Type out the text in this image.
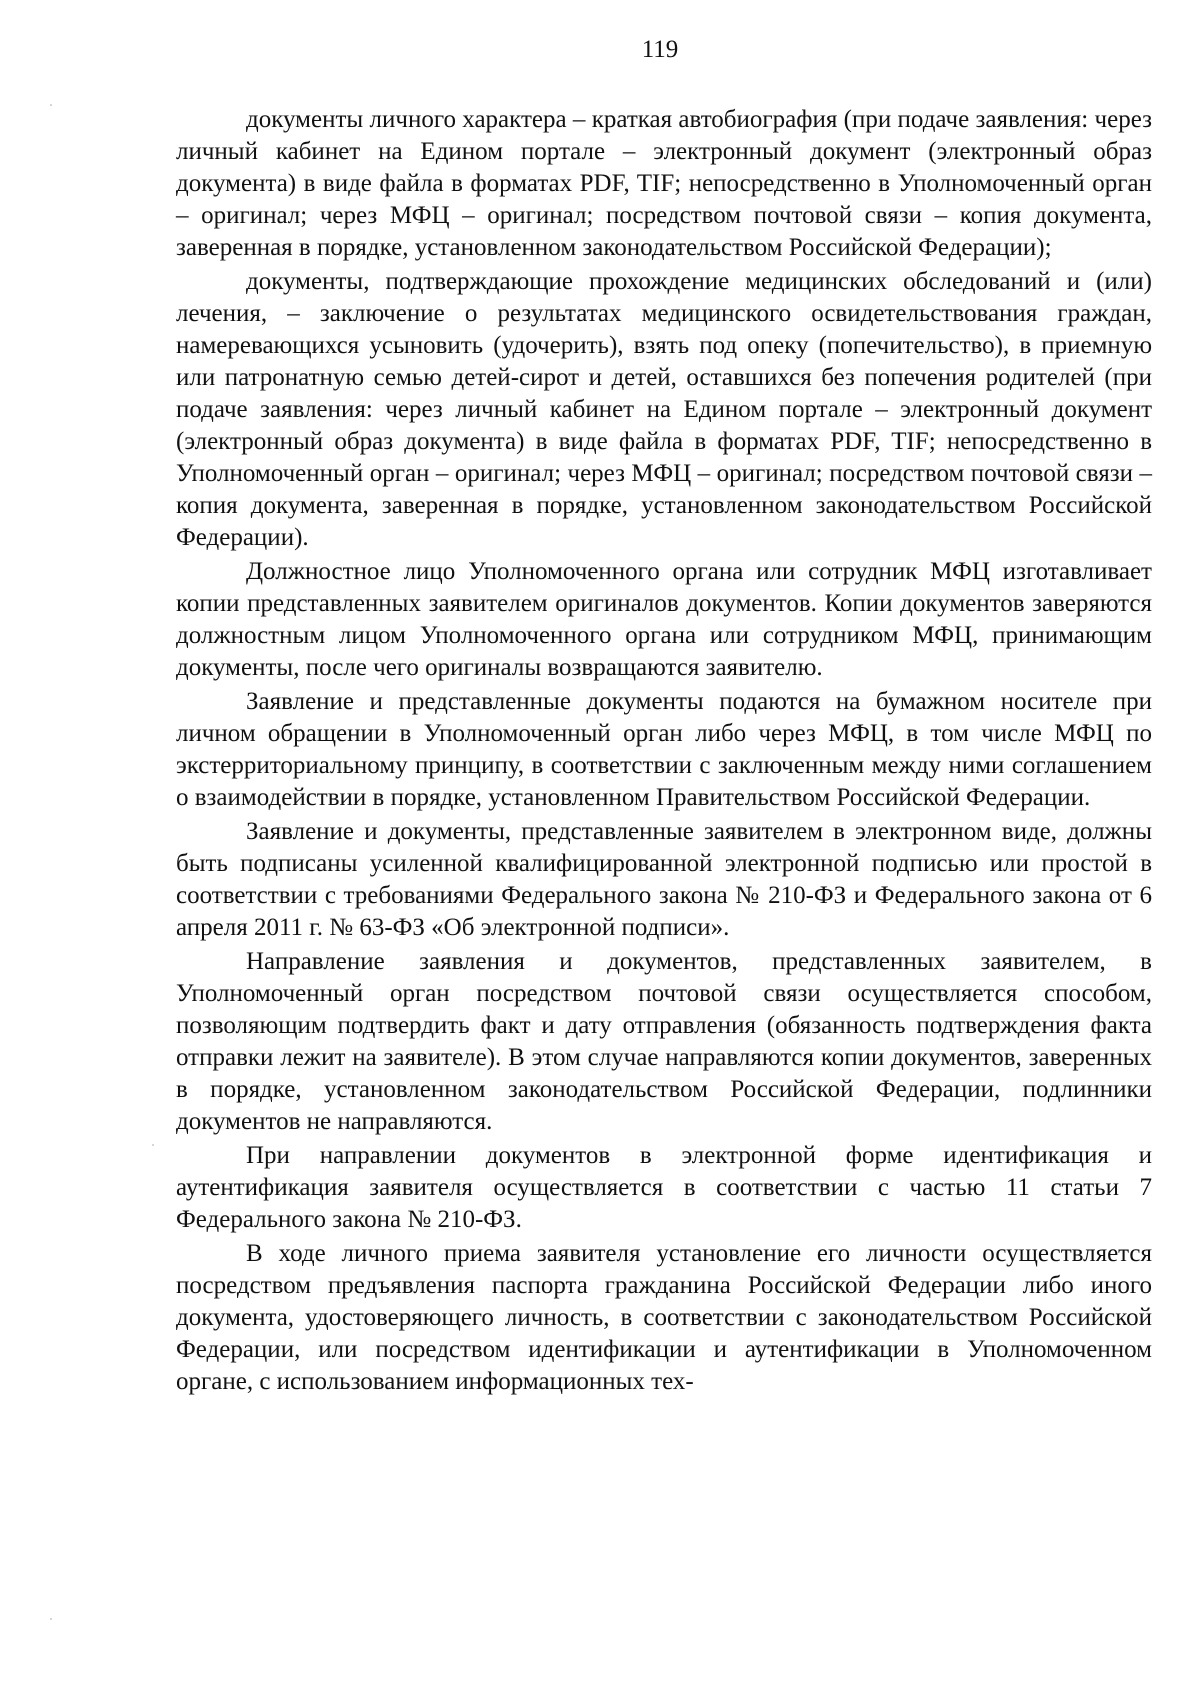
119

документы личного характера – краткая автобиография (при подаче заявления: через личный кабинет на Едином портале – электронный документ (электронный образ документа) в виде файла в форматах PDF, TIF; непосредственно в Уполномоченный орган – оригинал; через МФЦ – оригинал; посредством почтовой связи – копия документа, заверенная в порядке, установленном законодательством Российской Федерации);

документы, подтверждающие прохождение медицинских обследований и (или) лечения, – заключение о результатах медицинского освидетельствования граждан, намеревающихся усыновить (удочерить), взять под опеку (попечительство), в приемную или патронатную семью детей-сирот и детей, оставшихся без попечения родителей (при подаче заявления: через личный кабинет на Едином портале – электронный документ (электронный образ документа) в виде файла в форматах PDF, TIF; непосредственно в Уполномоченный орган – оригинал; через МФЦ – оригинал; посредством почтовой связи – копия документа, заверенная в порядке, установленном законодательством Российской Федерации).

Должностное лицо Уполномоченного органа или сотрудник МФЦ изготавливает копии представленных заявителем оригиналов документов. Копии документов заверяются должностным лицом Уполномоченного органа или сотрудником МФЦ, принимающим документы, после чего оригиналы возвращаются заявителю.

Заявление и представленные документы подаются на бумажном носителе при личном обращении в Уполномоченный орган либо через МФЦ, в том числе МФЦ по экстерриториальному принципу, в соответствии с заключенным между ними соглашением о взаимодействии в порядке, установленном Правительством Российской Федерации.

Заявление и документы, представленные заявителем в электронном виде, должны быть подписаны усиленной квалифицированной электронной подписью или простой в соответствии с требованиями Федерального закона № 210-ФЗ и Федерального закона от 6 апреля 2011 г. № 63-ФЗ «Об электронной подписи».

Направление заявления и документов, представленных заявителем, в Уполномоченный орган посредством почтовой связи осуществляется способом, позволяющим подтвердить факт и дату отправления (обязанность подтверждения факта отправки лежит на заявителе). В этом случае направляются копии документов, заверенных в порядке, установленном законодательством Российской Федерации, подлинники документов не направляются.

При направлении документов в электронной форме идентификация и аутентификация заявителя осуществляется в соответствии с частью 11 статьи 7 Федерального закона № 210-ФЗ.

В ходе личного приема заявителя установление его личности осуществляется посредством предъявления паспорта гражданина Российской Федерации либо иного документа, удостоверяющего личность, в соответствии с законодательством Российской Федерации, или посредством идентификации и аутентификации в Уполномоченном органе, с использованием информационных тех-
